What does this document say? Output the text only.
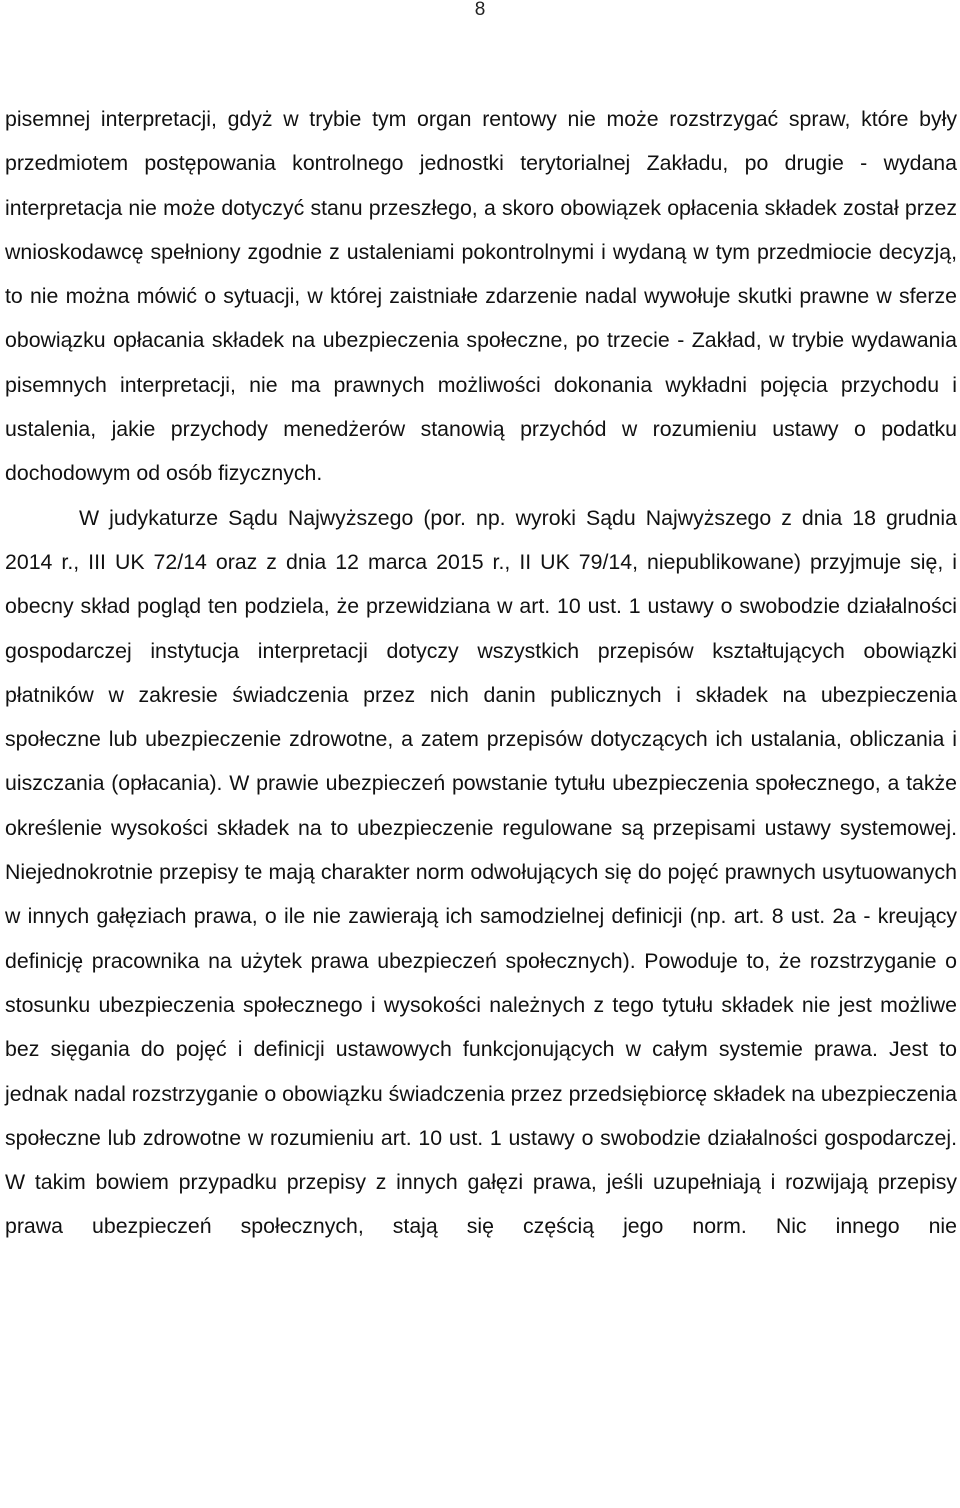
8

pisemnej interpretacji, gdyż w trybie tym organ rentowy nie może rozstrzygać spraw, które były przedmiotem postępowania kontrolnego jednostki terytorialnej Zakładu, po drugie - wydana interpretacja nie może dotyczyć stanu przeszłego, a skoro obowiązek opłacenia składek został przez wnioskodawcę spełniony zgodnie z ustaleniami pokontrolnymi i wydaną w tym przedmiocie decyzją, to nie można mówić o sytuacji, w której zaistniałe zdarzenie nadal wywołuje skutki prawne w sferze obowiązku opłacania składek na ubezpieczenia społeczne, po trzecie - Zakład, w trybie wydawania pisemnych interpretacji, nie ma prawnych możliwości dokonania wykładni pojęcia przychodu i ustalenia, jakie przychody menedżerów stanowią przychód w rozumieniu ustawy o podatku dochodowym od osób fizycznych.

W judykaturze Sądu Najwyższego (por. np. wyroki Sądu Najwyższego z dnia 18 grudnia 2014 r., III UK 72/14 oraz z dnia 12 marca 2015 r., II UK 79/14, niepublikowane) przyjmuje się, i obecny skład pogląd ten podziela, że przewidziana w art. 10 ust. 1 ustawy o swobodzie działalności gospodarczej instytucja interpretacji dotyczy wszystkich przepisów kształtujących obowiązki płatników w zakresie świadczenia przez nich danin publicznych i składek na ubezpieczenia społeczne lub ubezpieczenie zdrowotne, a zatem przepisów dotyczących ich ustalania, obliczania i uiszczania (opłacania). W prawie ubezpieczeń powstanie tytułu ubezpieczenia społecznego, a także określenie wysokości składek na to ubezpieczenie regulowane są przepisami ustawy systemowej. Niejednokrotnie przepisy te mają charakter norm odwołujących się do pojęć prawnych usytuowanych w innych gałęziach prawa, o ile nie zawierają ich samodzielnej definicji (np. art. 8 ust. 2a - kreujący definicję pracownika na użytek prawa ubezpieczeń społecznych). Powoduje to, że rozstrzyganie o stosunku ubezpieczenia społecznego i wysokości należnych z tego tytułu składek nie jest możliwe bez sięgania do pojęć i definicji ustawowych funkcjonujących w całym systemie prawa. Jest to jednak nadal rozstrzyganie o obowiązku świadczenia przez przedsiębiorcę składek na ubezpieczenia społeczne lub zdrowotne w rozumieniu art. 10 ust. 1 ustawy o swobodzie działalności gospodarczej. W takim bowiem przypadku przepisy z innych gałęzi prawa, jeśli uzupełniają i rozwijają przepisy prawa ubezpieczeń społecznych, stają się częścią jego norm. Nic innego nie
